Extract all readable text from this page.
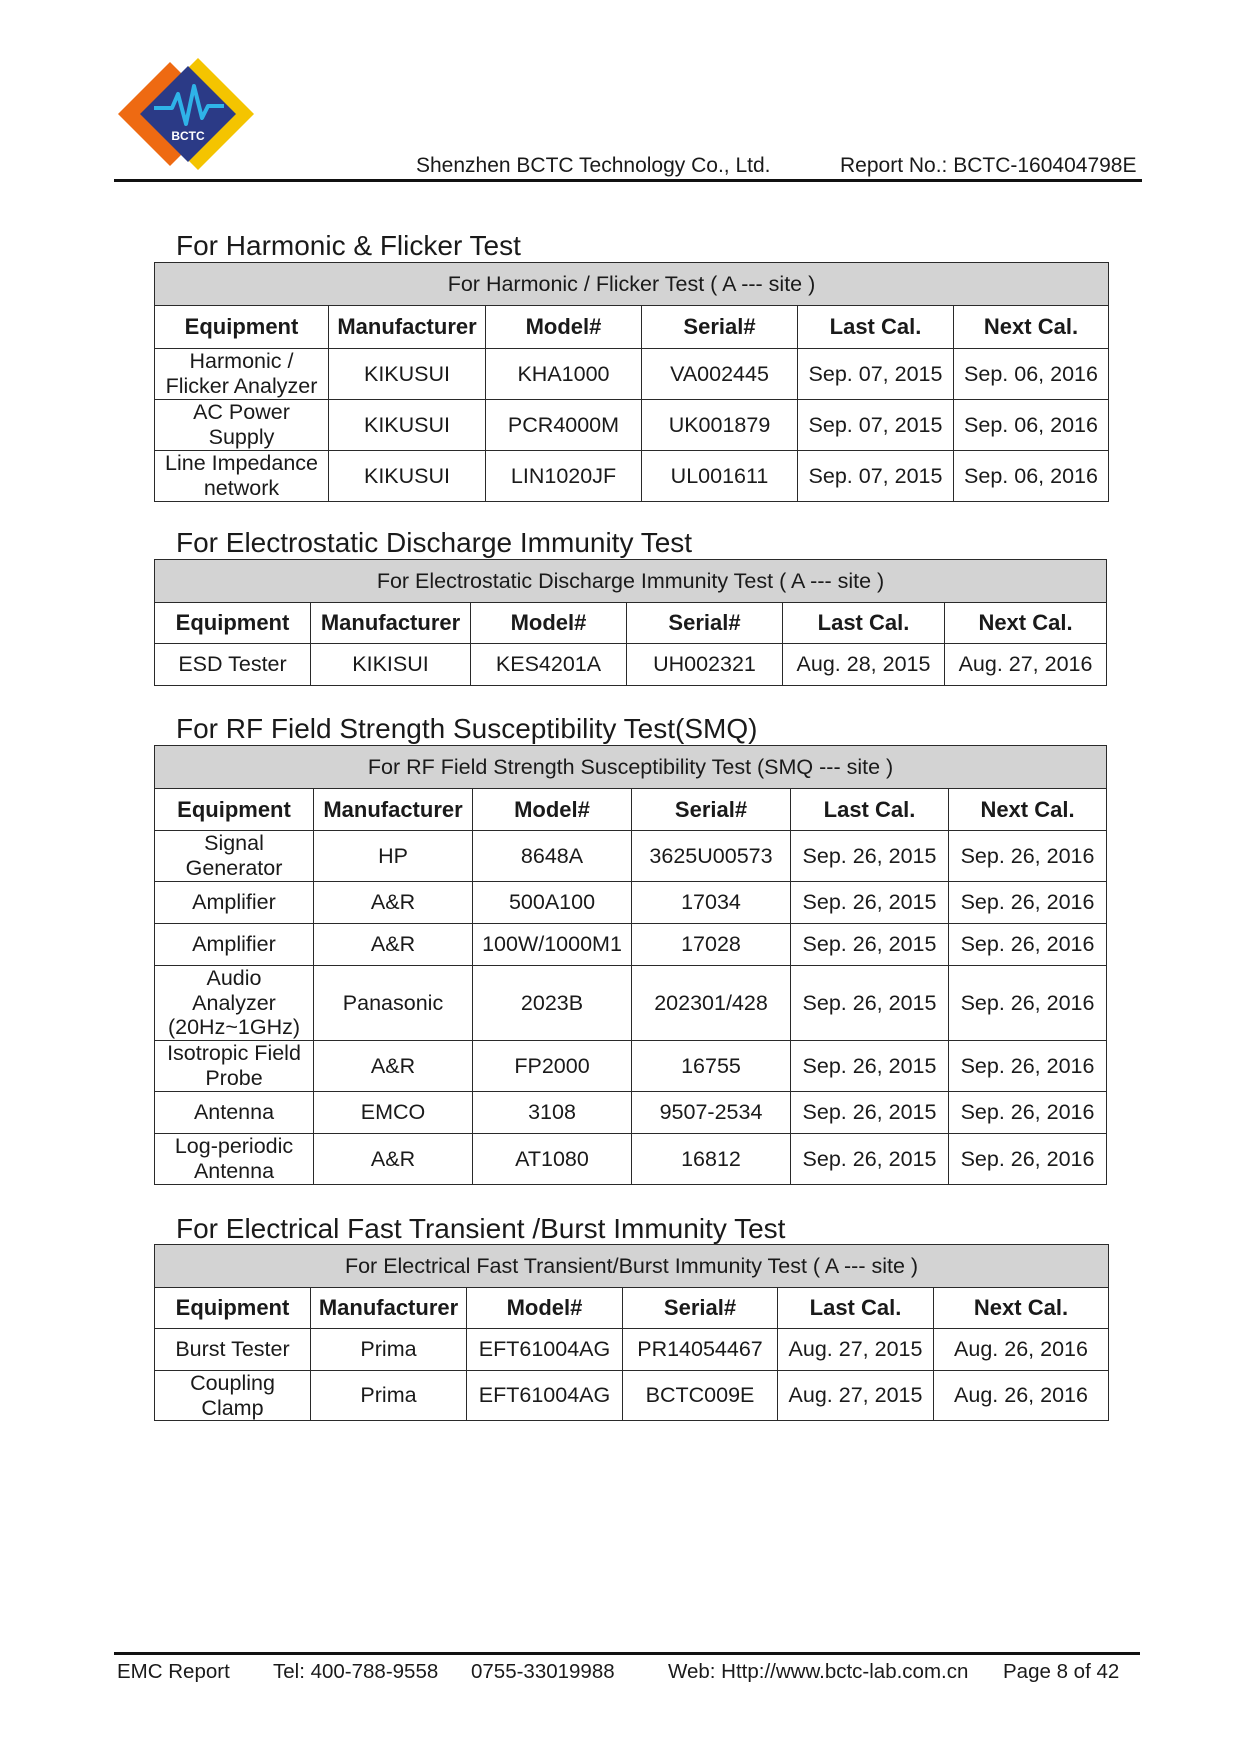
BCTC
Shenzhen BCTC Technology Co., Ltd.	Report No.: BCTC-160404798E
For Harmonic & Flicker Test
For Harmonic / Flicker Test ( A --- site )					
Equipment	Manufacturer	Model#	Serial#	Last Cal.	Next Cal.
Harmonic /
Flicker Analyzer	KIKUSUI	KHA1000	VA002445	Sep. 07, 2015	Sep. 06, 2016
AC Power
Supply	KIKUSUI	PCR4000M	UK001879	Sep. 07, 2015	Sep. 06, 2016
Line Impedance
network	KIKUSUI	LIN1020JF	UL001611	Sep. 07, 2015	Sep. 06, 2016
For Electrostatic Discharge Immunity Test
For Electrostatic Discharge Immunity Test ( A --- site )					
Equipment	Manufacturer	Model#	Serial#	Last Cal.	Next Cal.
ESD Tester	KIKISUI	KES4201A	UH002321	Aug. 28, 2015	Aug. 27, 2016
For RF Field Strength Susceptibility Test(SMQ)
For RF Field Strength Susceptibility Test (SMQ --- site )					
Equipment	Manufacturer	Model#	Serial#	Last Cal.	Next Cal.
Signal
Generator	HP	8648A	3625U00573	Sep. 26, 2015	Sep. 26, 2016
Amplifier	A&R	500A100	17034	Sep. 26, 2015	Sep. 26, 2016
Amplifier	A&R	100W/1000M1	17028	Sep. 26, 2015	Sep. 26, 2016
Audio
Analyzer
(20Hz~1GHz)	Panasonic	2023B	202301/428	Sep. 26, 2015	Sep. 26, 2016
Isotropic Field
Probe	A&R	FP2000	16755	Sep. 26, 2015	Sep. 26, 2016
Antenna	EMCO	3108	9507-2534	Sep. 26, 2015	Sep. 26, 2016
Log-periodic
Antenna	A&R	AT1080	16812	Sep. 26, 2015	Sep. 26, 2016
For Electrical Fast Transient /Burst Immunity Test
For Electrical Fast Transient/Burst Immunity Test ( A --- site )					
Equipment	Manufacturer	Model#	Serial#	Last Cal.	Next Cal.
Burst Tester	Prima	EFT61004AG	PR14054467	Aug. 27, 2015	Aug. 26, 2016
Coupling
Clamp	Prima	EFT61004AG	BCTC009E	Aug. 27, 2015	Aug. 26, 2016
EMC Report Tel: 400-788-9558 0755-33019988	Web: Http://www.bctc-lab.com.cn Page 8 of 42
